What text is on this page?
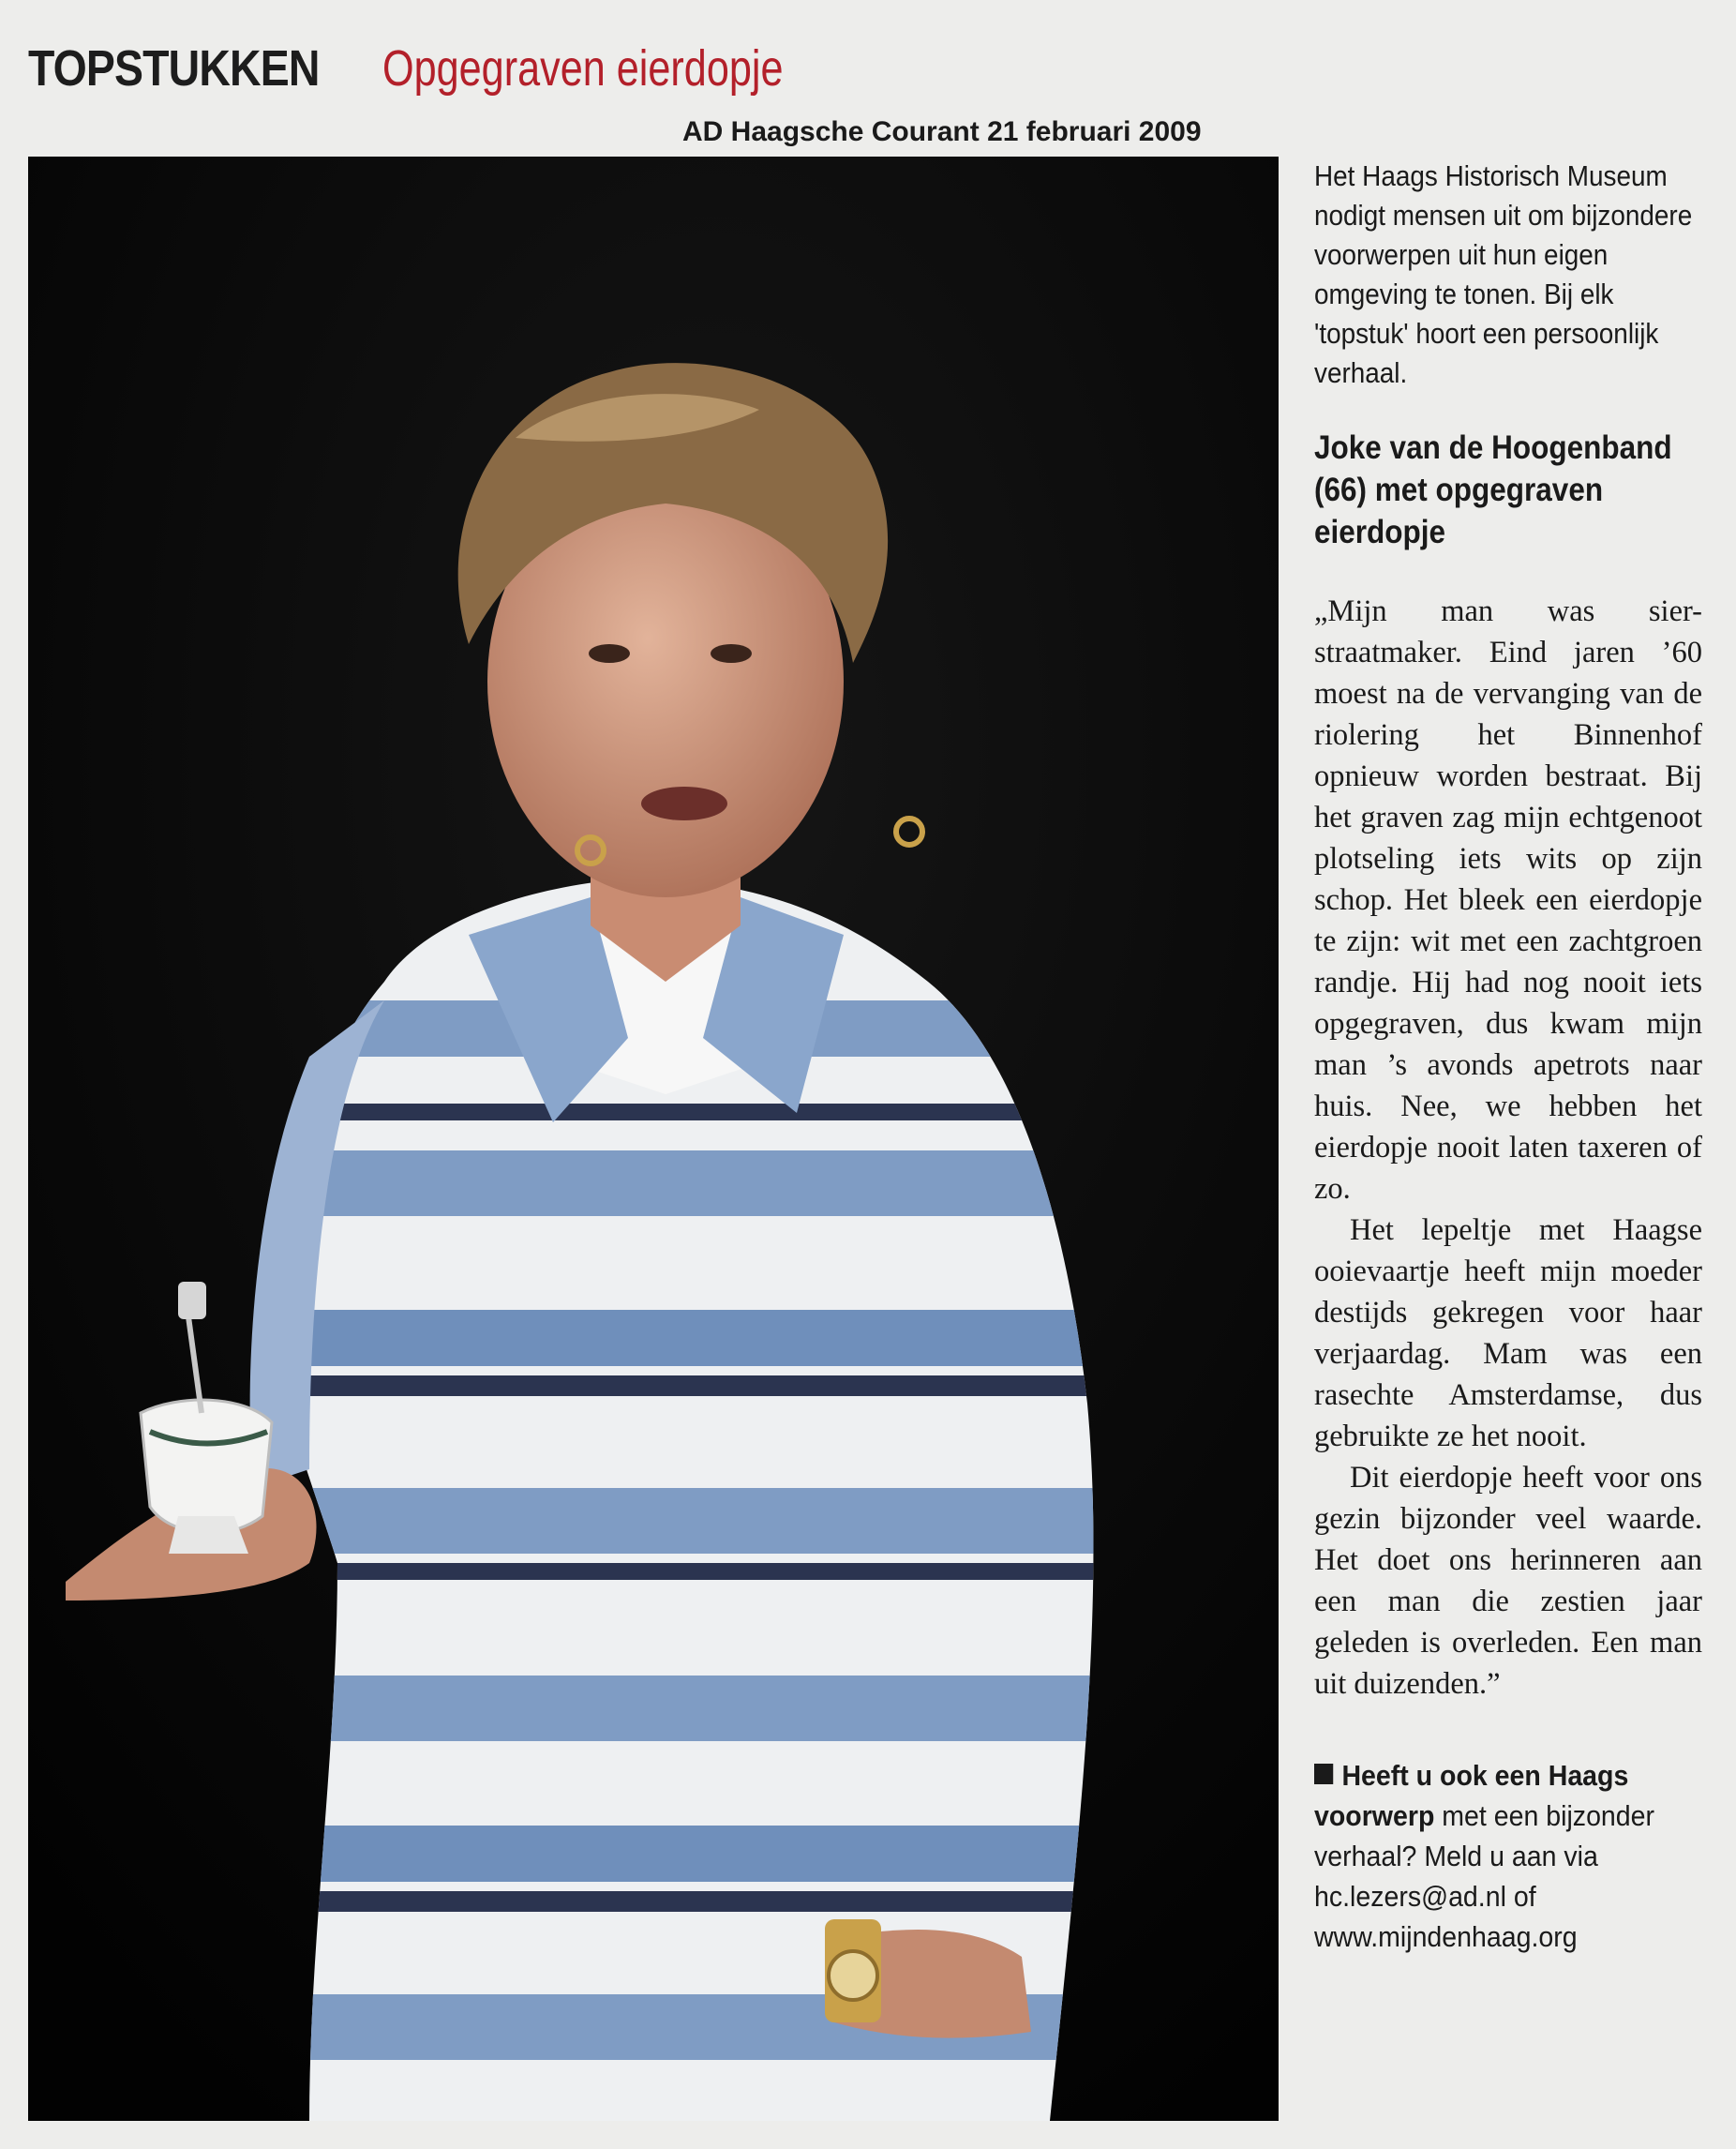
TOPSTUKKEN Opgegraven eierdopje
AD Haagsche Courant 21 februari 2009
Het Haags Historisch Museum nodigt mensen uit om bijzondere voorwerpen uit hun eigen omgeving te tonen. Bij elk 'topstuk' hoort een persoonlijk verhaal.
Joke van de Hoogenband (66) met opgegraven eierdopje

„Mijn man was sier-straatmaker. Eind jaren ’60 moest na de vervanging van de riolering het Binnenhof opnieuw worden bestraat. Bij het graven zag mijn echtgenoot plotseling iets wits op zijn schop. Het bleek een eierdopje te zijn: wit met een zachtgroen randje. Hij had nog nooit iets opgegraven, dus kwam mijn man ’s avonds apetrots naar huis. Nee, we hebben het eierdopje nooit laten taxeren of zo.

Het lepeltje met Haagse ooievaartje heeft mijn moeder destijds gekregen voor haar verjaardag. Mam was een rasechte Amsterdamse, dus gebruikte ze het nooit.

Dit eierdopje heeft voor ons gezin bijzonder veel waarde. Het doet ons herinneren aan een man die zestien jaar geleden is overleden. Een man uit duizenden.”

Heeft u ook een Haags voorwerp met een bijzonder verhaal? Meld u aan via hc.lezers@ad.nl of www.mijndenhaag.org
